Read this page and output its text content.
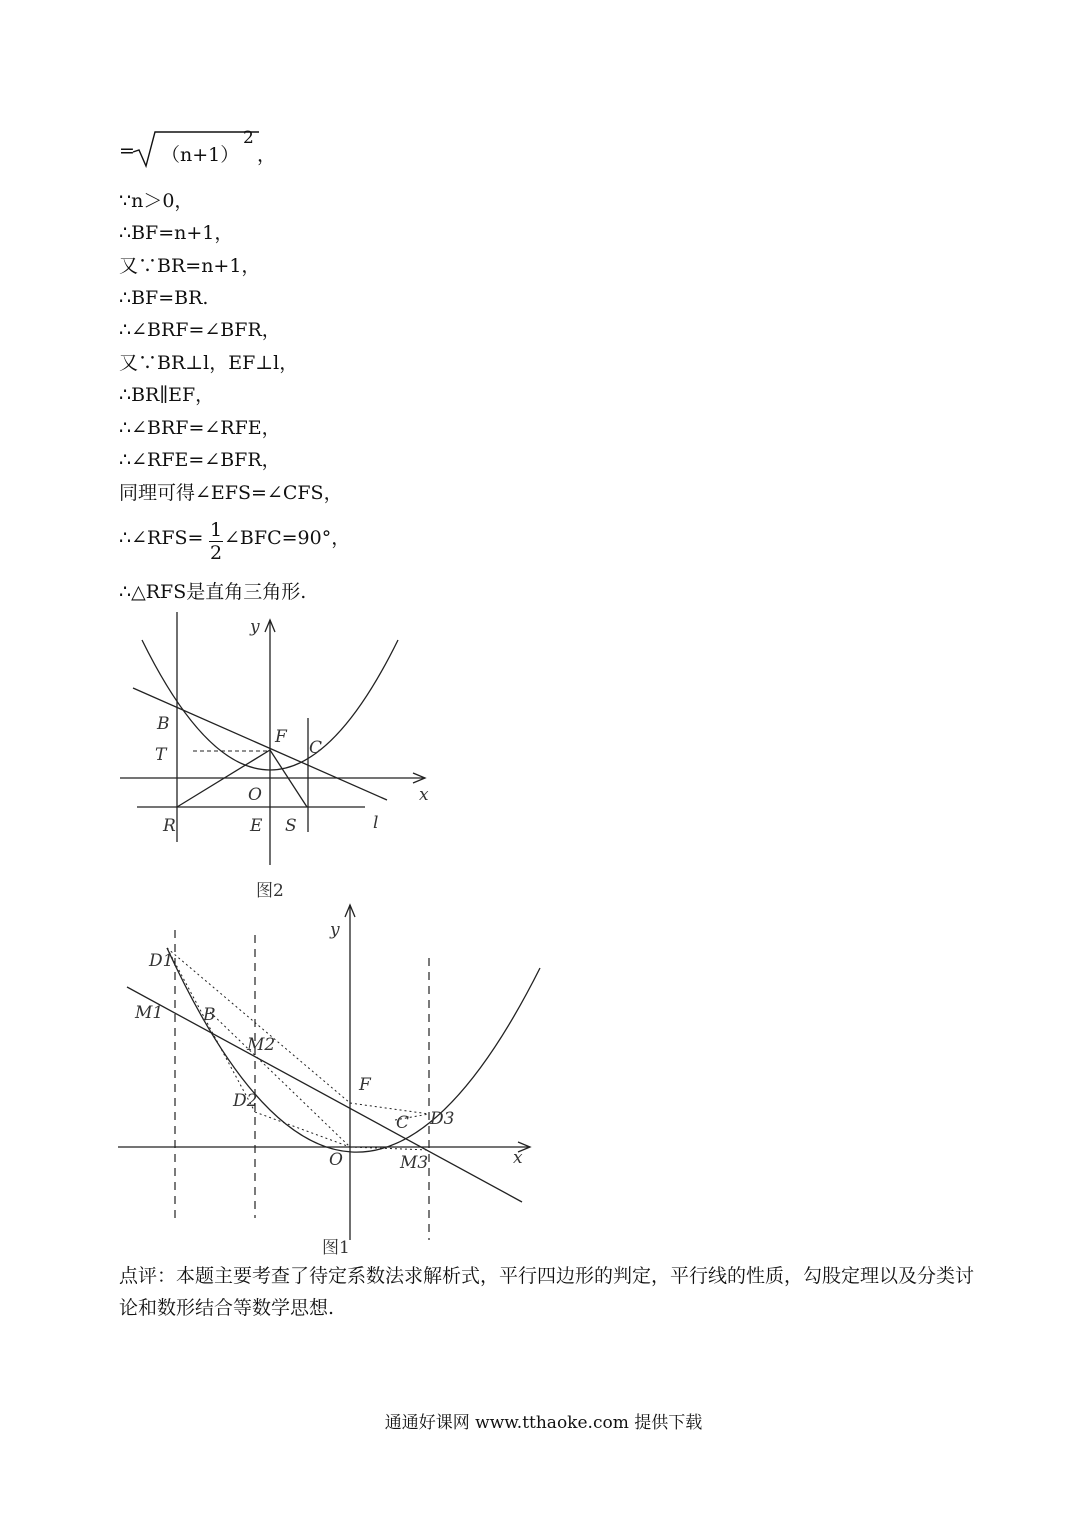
= （n+1）
2
，
∵n＞0，
∴BF=n+1，
又∵BR=n+1，
∴BF=BR.
∴∠BRF=∠BFR，
又∵BR⊥l，EF⊥l，
∴BR∥EF，
∴∠BRF=∠RFE，
∴∠RFE=∠BFR，
同理可得∠EFS=∠CFS，
∴∠RFS= 1
2
∠BFC=90°，
∴△RFS是直角三角形.
y
x
B
T
F
C
O
R	E S	l
图2
y
x
D1
M1 B
M2
F
D2
C D3
O	M3
图1
点评：本题主要考查了待定系数法求解析式，平行四边形的判定，平行线的性质，勾股定理以及分类讨论和数形结合等数学思想.
通通好课网 www.tthaoke.com 提供下载
